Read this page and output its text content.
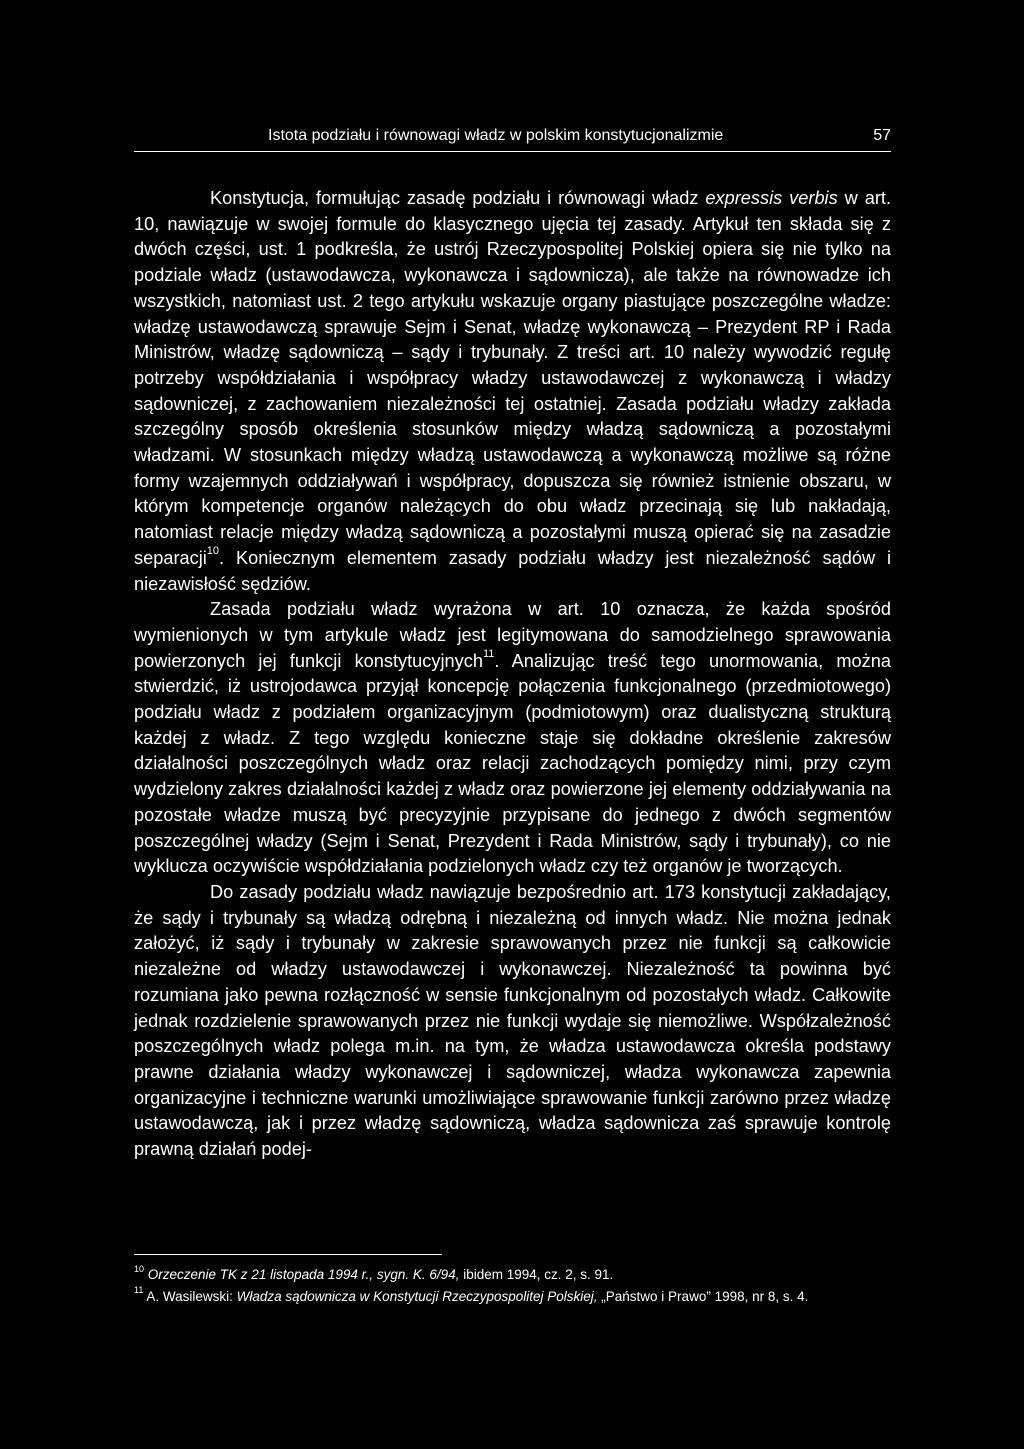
Istota podziału i równowagi władz w polskim konstytucjonalizmie	57

Konstytucja, formułując zasadę podziału i równowagi władz expressis verbis w art. 10, nawiązuje w swojej formule do klasycznego ujęcia tej zasady. Artykuł ten składa się z dwóch części, ust. 1 podkreśla, że ustrój Rzeczypospolitej Polskiej opiera się nie tylko na podziale władz (ustawodawcza, wykonawcza i sądownicza), ale także na równowadze ich wszystkich, natomiast ust. 2 tego artykułu wskazuje organy piastujące poszczególne władze: władzę ustawodawczą sprawuje Sejm i Senat, władzę wykonawczą – Prezydent RP i Rada Ministrów, władzę sądowniczą – sądy i trybunały. Z treści art. 10 należy wywodzić regułę potrzeby współdziałania i współpracy władzy ustawodawczej z wykonawczą i władzy sądowniczej, z zachowaniem niezależności tej ostatniej. Zasada podziału władzy zakłada szczególny sposób określenia stosunków między władzą sądowniczą a pozostałymi władzami. W stosunkach między władzą ustawodawczą a wykonawczą możliwe są różne formy wzajemnych oddziaływań i współpracy, dopuszcza się również istnienie obszaru, w którym kompetencje organów należących do obu władz przecinają się lub nakładają, natomiast relacje między władzą sądowniczą a pozostałymi muszą opierać się na zasadzie separacji$^{10}$. Koniecznym elementem zasady podziału władzy jest niezależność sądów i niezawisłość sędziów.

Zasada podziału władz wyrażona w art. 10 oznacza, że każda spośród wymienionych w tym artykule władz jest legitymowana do samodzielnego sprawowania powierzonych jej funkcji konstytucyjnych$^{11}$. Analizując treść tego unormowania, można stwierdzić, iż ustrojodawca przyjął koncepcję połączenia funkcjonalnego (przedmiotowego) podziału władz z podziałem organizacyjnym (podmiotowym) oraz dualistyczną strukturą każdej z władz. Z tego względu konieczne staje się dokładne określenie zakresów działalności poszczególnych władz oraz relacji zachodzących pomiędzy nimi, przy czym wydzielony zakres działalności każdej z władz oraz powierzone jej elementy oddziaływania na pozostałe władze muszą być precyzyjnie przypisane do jednego z dwóch segmentów poszczególnej władzy (Sejm i Senat, Prezydent i Rada Ministrów, sądy i trybunały), co nie wyklucza oczywiście współdziałania podzielonych władz czy też organów je tworzących.

Do zasady podziału władz nawiązuje bezpośrednio art. 173 konstytucji zakładający, że sądy i trybunały są władzą odrębną i niezależną od innych władz. Nie można jednak założyć, iż sądy i trybunały w zakresie sprawowanych przez nie funkcji są całkowicie niezależne od władzy ustawodawczej i wykonawczej. Niezależność ta powinna być rozumiana jako pewna rozłączność w sensie funkcjonalnym od pozostałych władz. Całkowite jednak rozdzielenie sprawowanych przez nie funkcji wydaje się niemożliwe. Współzależność poszczególnych władz polega m.in. na tym, że władza ustawodawcza określa podstawy prawne działania władzy wykonawczej i sądowniczej, władza wykonawcza zapewnia organizacyjne i techniczne warunki umożliwiające sprawowanie funkcji zarówno przez władzę ustawodawczą, jak i przez władzę sądowniczą, władza sądownicza zaś sprawuje kontrolę prawną działań podej-

$^{10}$ Orzeczenie TK z 21 listopada 1994 r., sygn. K. 6/94, ibidem 1994, cz. 2, s. 91.
$^{11}$ A. Wasilewski: Władza sądownicza w Konstytucji Rzeczypospolitej Polskiej, „Państwo i Prawo” 1998, nr 8, s. 4.
